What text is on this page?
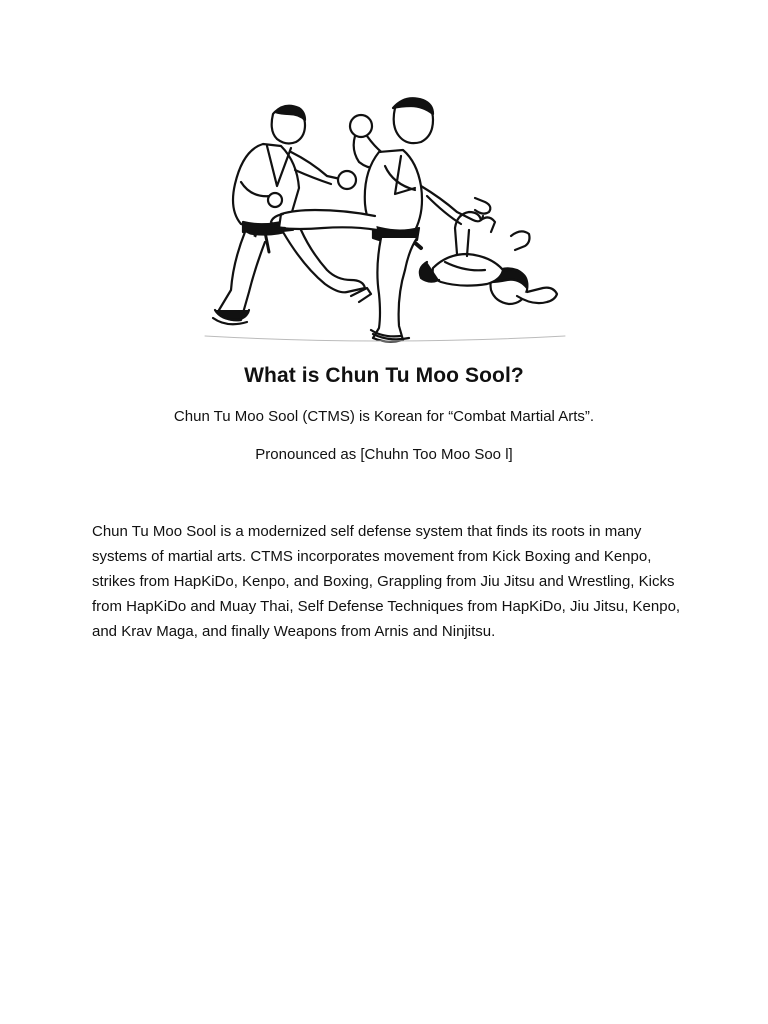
What is Chun Tu Moo Sool?
Chun Tu Moo Sool (CTMS) is Korean for “Combat Martial Arts”.
Pronounced as [Chuhn Too Moo Soo l]
Chun Tu Moo Sool is a modernized self defense system that finds its roots in many systems of martial arts. CTMS incorporates movement from Kick Boxing and Kenpo, strikes from HapKiDo, Kenpo, and Boxing, Grappling from Jiu Jitsu and Wrestling, Kicks from HapKiDo and Muay Thai, Self Defense Techniques from HapKiDo, Jiu Jitsu, Kenpo, and Krav Maga, and finally Weapons from Arnis and Ninjitsu.
